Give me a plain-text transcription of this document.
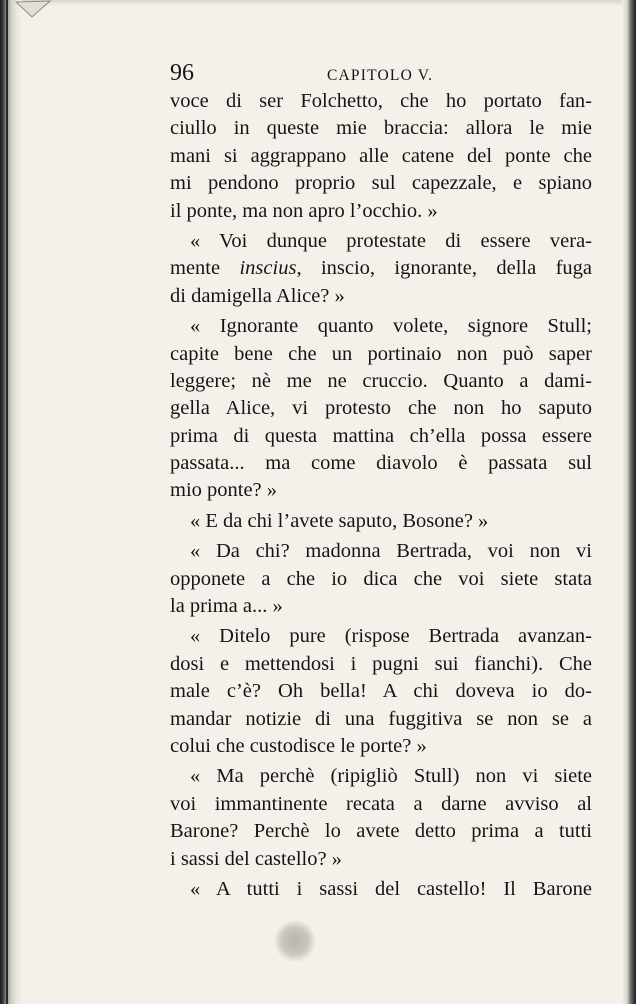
96	CAPITOLO V.
voce di ser Folchetto, che ho portato fan-
ciullo in queste mie braccia: allora le mie
mani si aggrappano alle catene del ponte che
mi pendono proprio sul capezzale, e spiano
il ponte, ma non apro l’occhio. »
« Voi dunque protestate di essere vera-
mente inscius, inscio, ignorante, della fuga
di damigella Alice? »
« Ignorante quanto volete, signore Stull;
capite bene che un portinaio non può saper
leggere; nè me ne cruccio. Quanto a dami-
gella Alice, vi protesto che non ho saputo
prima di questa mattina ch’ella possa essere
passata... ma come diavolo è passata sul
mio ponte? »
« E da chi l’avete saputo, Bosone? »
« Da chi? madonna Bertrada, voi non vi
opponete a che io dica che voi siete stata
la prima a... »
« Ditelo pure (rispose Bertrada avanzan-
dosi e mettendosi i pugni sui fianchi). Che
male c’è? Oh bella! A chi doveva io do-
mandar notizie di una fuggitiva se non se a
colui che custodisce le porte? »
« Ma perchè (ripigliò Stull) non vi siete
voi immantinente recata a darne avviso al
Barone? Perchè lo avete detto prima a tutti
i sassi del castello? »
« A tutti i sassi del castello! Il Barone
